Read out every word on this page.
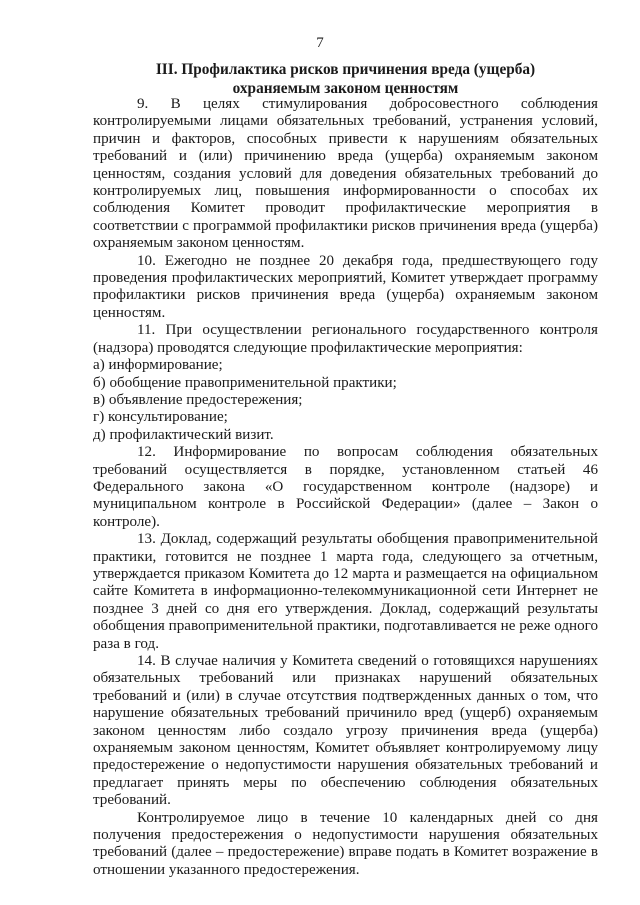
7
III. Профилактика рисков причинения вреда (ущерба)
охраняемым законом ценностям

9. В целях стимулирования добросовестного соблюдения контролируемыми лицами обязательных требований, устранения условий, причин и факторов, способных привести к нарушениям обязательных требований и (или) причинению вреда (ущерба) охраняемым законом ценностям, создания условий для доведения обязательных требований до контролируемых лиц, повышения информированности о способах их соблюдения Комитет проводит профилактические мероприятия в соответствии с программой профилактики рисков причинения вреда (ущерба) охраняемым законом ценностям.

10. Ежегодно не позднее 20 декабря года, предшествующего году проведения профилактических мероприятий, Комитет утверждает программу профилактики рисков причинения вреда (ущерба) охраняемым законом ценностям.

11. При осуществлении регионального государственного контроля (надзора) проводятся следующие профилактические мероприятия:

а) информирование;

б) обобщение правоприменительной практики;

в) объявление предостережения;

г) консультирование;

д) профилактический визит.

12. Информирование по вопросам соблюдения обязательных требований осуществляется в порядке, установленном статьей 46 Федерального закона «О государственном контроле (надзоре) и муниципальном контроле в Российской Федерации» (далее – Закон о контроле).

13. Доклад, содержащий результаты обобщения правоприменительной практики, готовится не позднее 1 марта года, следующего за отчетным, утверждается приказом Комитета до 12 марта и размещается на официальном сайте Комитета в информационно-телекоммуникационной сети Интернет не позднее 3 дней со дня его утверждения. Доклад, содержащий результаты обобщения правоприменительной практики, подготавливается не реже одного раза в год.

14. В случае наличия у Комитета сведений о готовящихся нарушениях обязательных требований или признаках нарушений обязательных требований и (или) в случае отсутствия подтвержденных данных о том, что нарушение обязательных требований причинило вред (ущерб) охраняемым законом ценностям либо создало угрозу причинения вреда (ущерба) охраняемым законом ценностям, Комитет объявляет контролируемому лицу предостережение о недопустимости нарушения обязательных требований и предлагает принять меры по обеспечению соблюдения обязательных требований.

Контролируемое лицо в течение 10 календарных дней со дня получения предостережения о недопустимости нарушения обязательных требований (далее – предостережение) вправе подать в Комитет возражение в отношении указанного предостережения.
